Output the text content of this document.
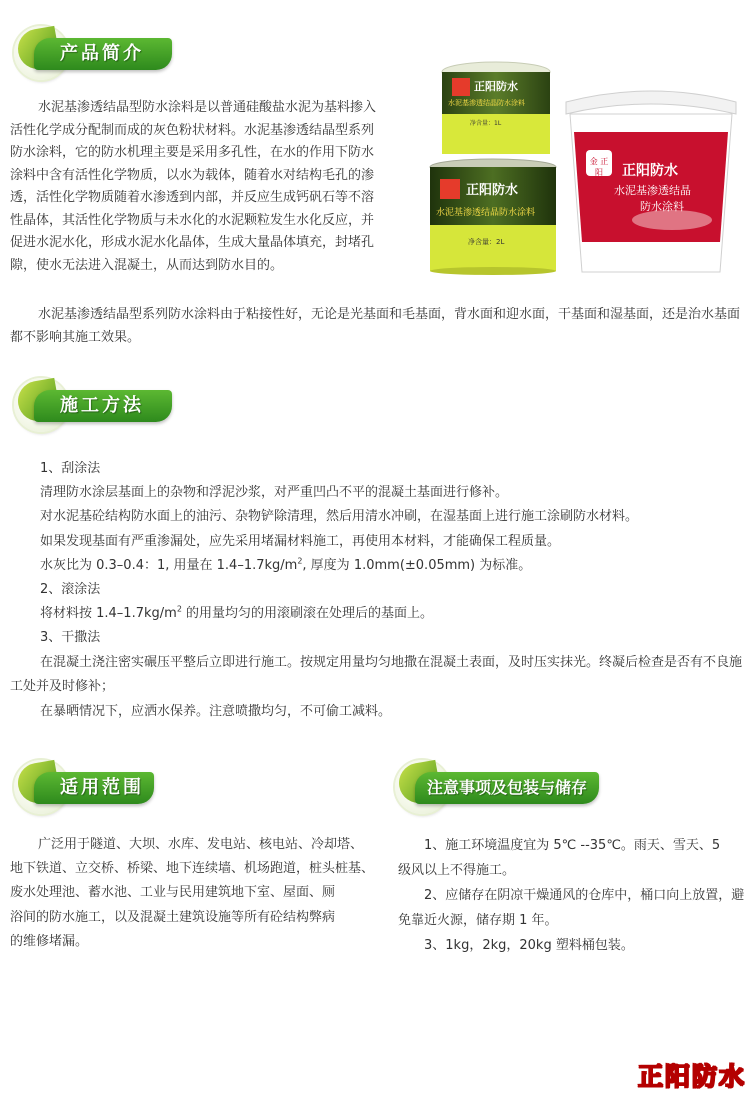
产品简介

水泥基渗透结晶型防水涂料是以普通硅酸盐水泥为基料掺入

活性化学成分配制而成的灰色粉状材料。水泥基渗透结晶型系列

防水涂料，它的防水机理主要是采用多孔性，在水的作用下防水

涂料中含有活性化学物质，以水为载体，随着水对结构毛孔的渗

透，活性化学物质随着水渗透到内部，并反应生成钙矾石等不溶

性晶体，其活性化学物质与未水化的水泥颗粒发生水化反应，并

促进水泥水化，形成水泥水化晶体，生成大量晶体填充，封堵孔

隙，使水无法进入混凝土，从而达到防水目的。

水泥基渗透结晶型系列防水涂料由于粘接性好，无论是光基面和毛基面，背水面和迎水面，干基面和湿基面，还是治水基面都不影响其施工效果。

正阳防水
水泥基渗透结晶防水涂料
净含量：1L
正阳防水
水泥基渗透结晶防水涂料
净含量：2L
金 正阳	正阳防水
水泥基渗透结晶
防水涂料
施工方法

1、刮涂法

清理防水涂层基面上的杂物和浮泥沙浆，对严重凹凸不平的混凝土基面进行修补。

对水泥基砼结构防水面上的油污、杂物铲除清理，然后用清水冲刷，在湿基面上进行施工涂刷防水材料。

如果发现基面有严重渗漏处，应先采用堵漏材料施工，再使用本材料，才能确保工程质量。

水灰比为 0.3–0.4：1, 用量在 $1.4-1.7kg/m^2$, 厚度为 1.0mm(±0.05mm) 为标准。

2、滚涂法

将材料按 $1.4-1.7kg/m^2$ 的用量均匀的用滚刷滚在处理后的基面上。

3、干撒法

在混凝土浇注密实碾压平整后立即进行施工。按规定用量均匀地撒在混凝土表面，及时压实抹光。终凝后检查是否有不良施工处并及时修补；

在暴晒情况下，应洒水保养。注意喷撒均匀，不可偷工减料。

适用范围

广泛用于隧道、大坝、水库、发电站、核电站、冷却塔、

地下铁道、立交桥、桥梁、地下连续墙、机场跑道，桩头桩基、

废水处理池、蓄水池、工业与民用建筑地下室、屋面、厕

浴间的防水施工，以及混凝土建筑设施等所有砼结构弊病

的维修堵漏。

注意事项及包装与储存

1、施工环境温度宜为 5℃ --35℃。雨天、雪天、5

级风以上不得施工。

2、应储存在阴凉干燥通风的仓库中，桶口向上放置，避

免靠近火源，储存期 1 年。

3、1kg，2kg，20kg 塑料桶包装。

正阳防水
